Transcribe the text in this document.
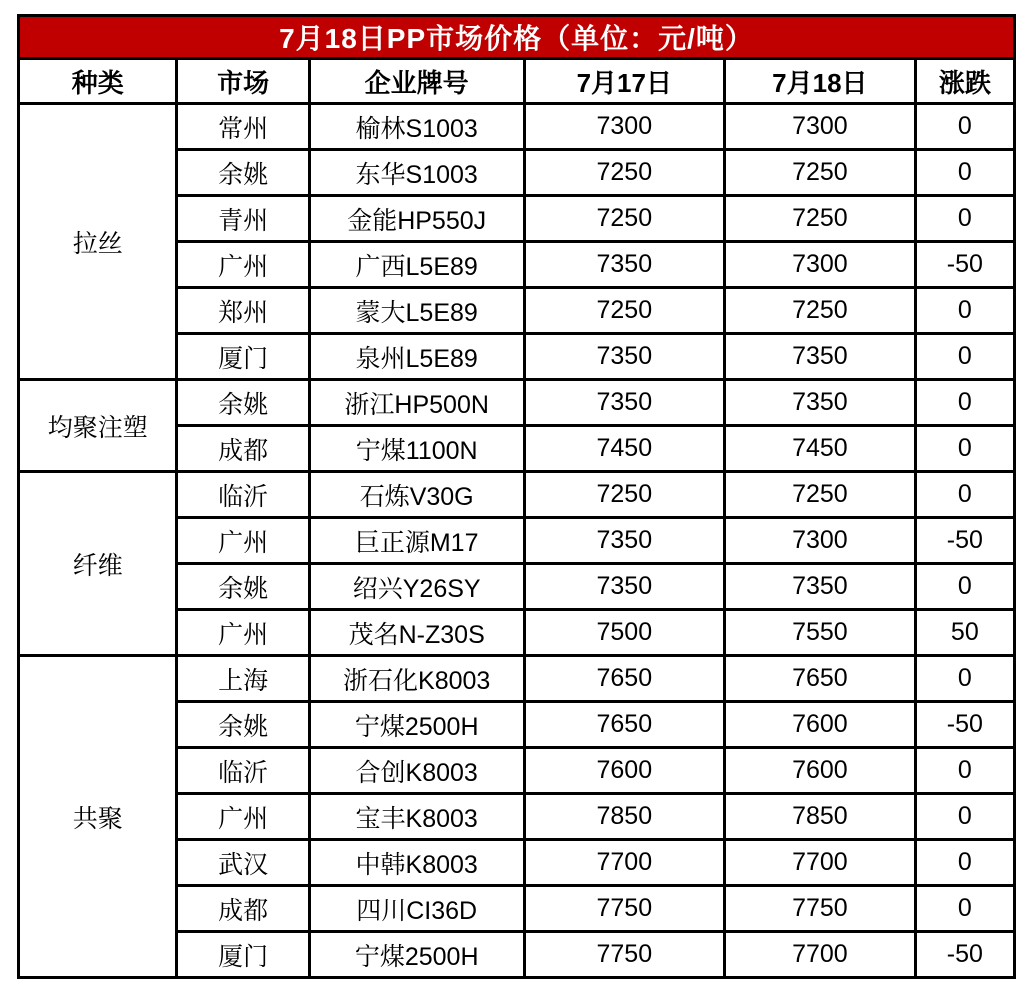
7月18日PP市场价格（单位：元/吨）					
种类	市场	企业牌号	7月17日	7月18日	涨跌
拉丝	常州	榆林S1003	7300	7300	0
	余姚	东华S1003	7250	7250	0
	青州	金能HP550J	7250	7250	0
	广州	广西L5E89	7350	7300	-50
	郑州	蒙大L5E89	7250	7250	0
	厦门	泉州L5E89	7350	7350	0
均聚注塑	余姚	浙江HP500N	7350	7350	0
	成都	宁煤1100N	7450	7450	0
纤维	临沂	石炼V30G	7250	7250	0
	广州	巨正源M17	7350	7300	-50
	余姚	绍兴Y26SY	7350	7350	0
	广州	茂名N-Z30S	7500	7550	50
共聚	上海	浙石化K8003	7650	7650	0
	余姚	宁煤2500H	7650	7600	-50
	临沂	合创K8003	7600	7600	0
	广州	宝丰K8003	7850	7850	0
	武汉	中韩K8003	7700	7700	0
	成都	四川CI36D	7750	7750	0
	厦门	宁煤2500H	7750	7700	-50
